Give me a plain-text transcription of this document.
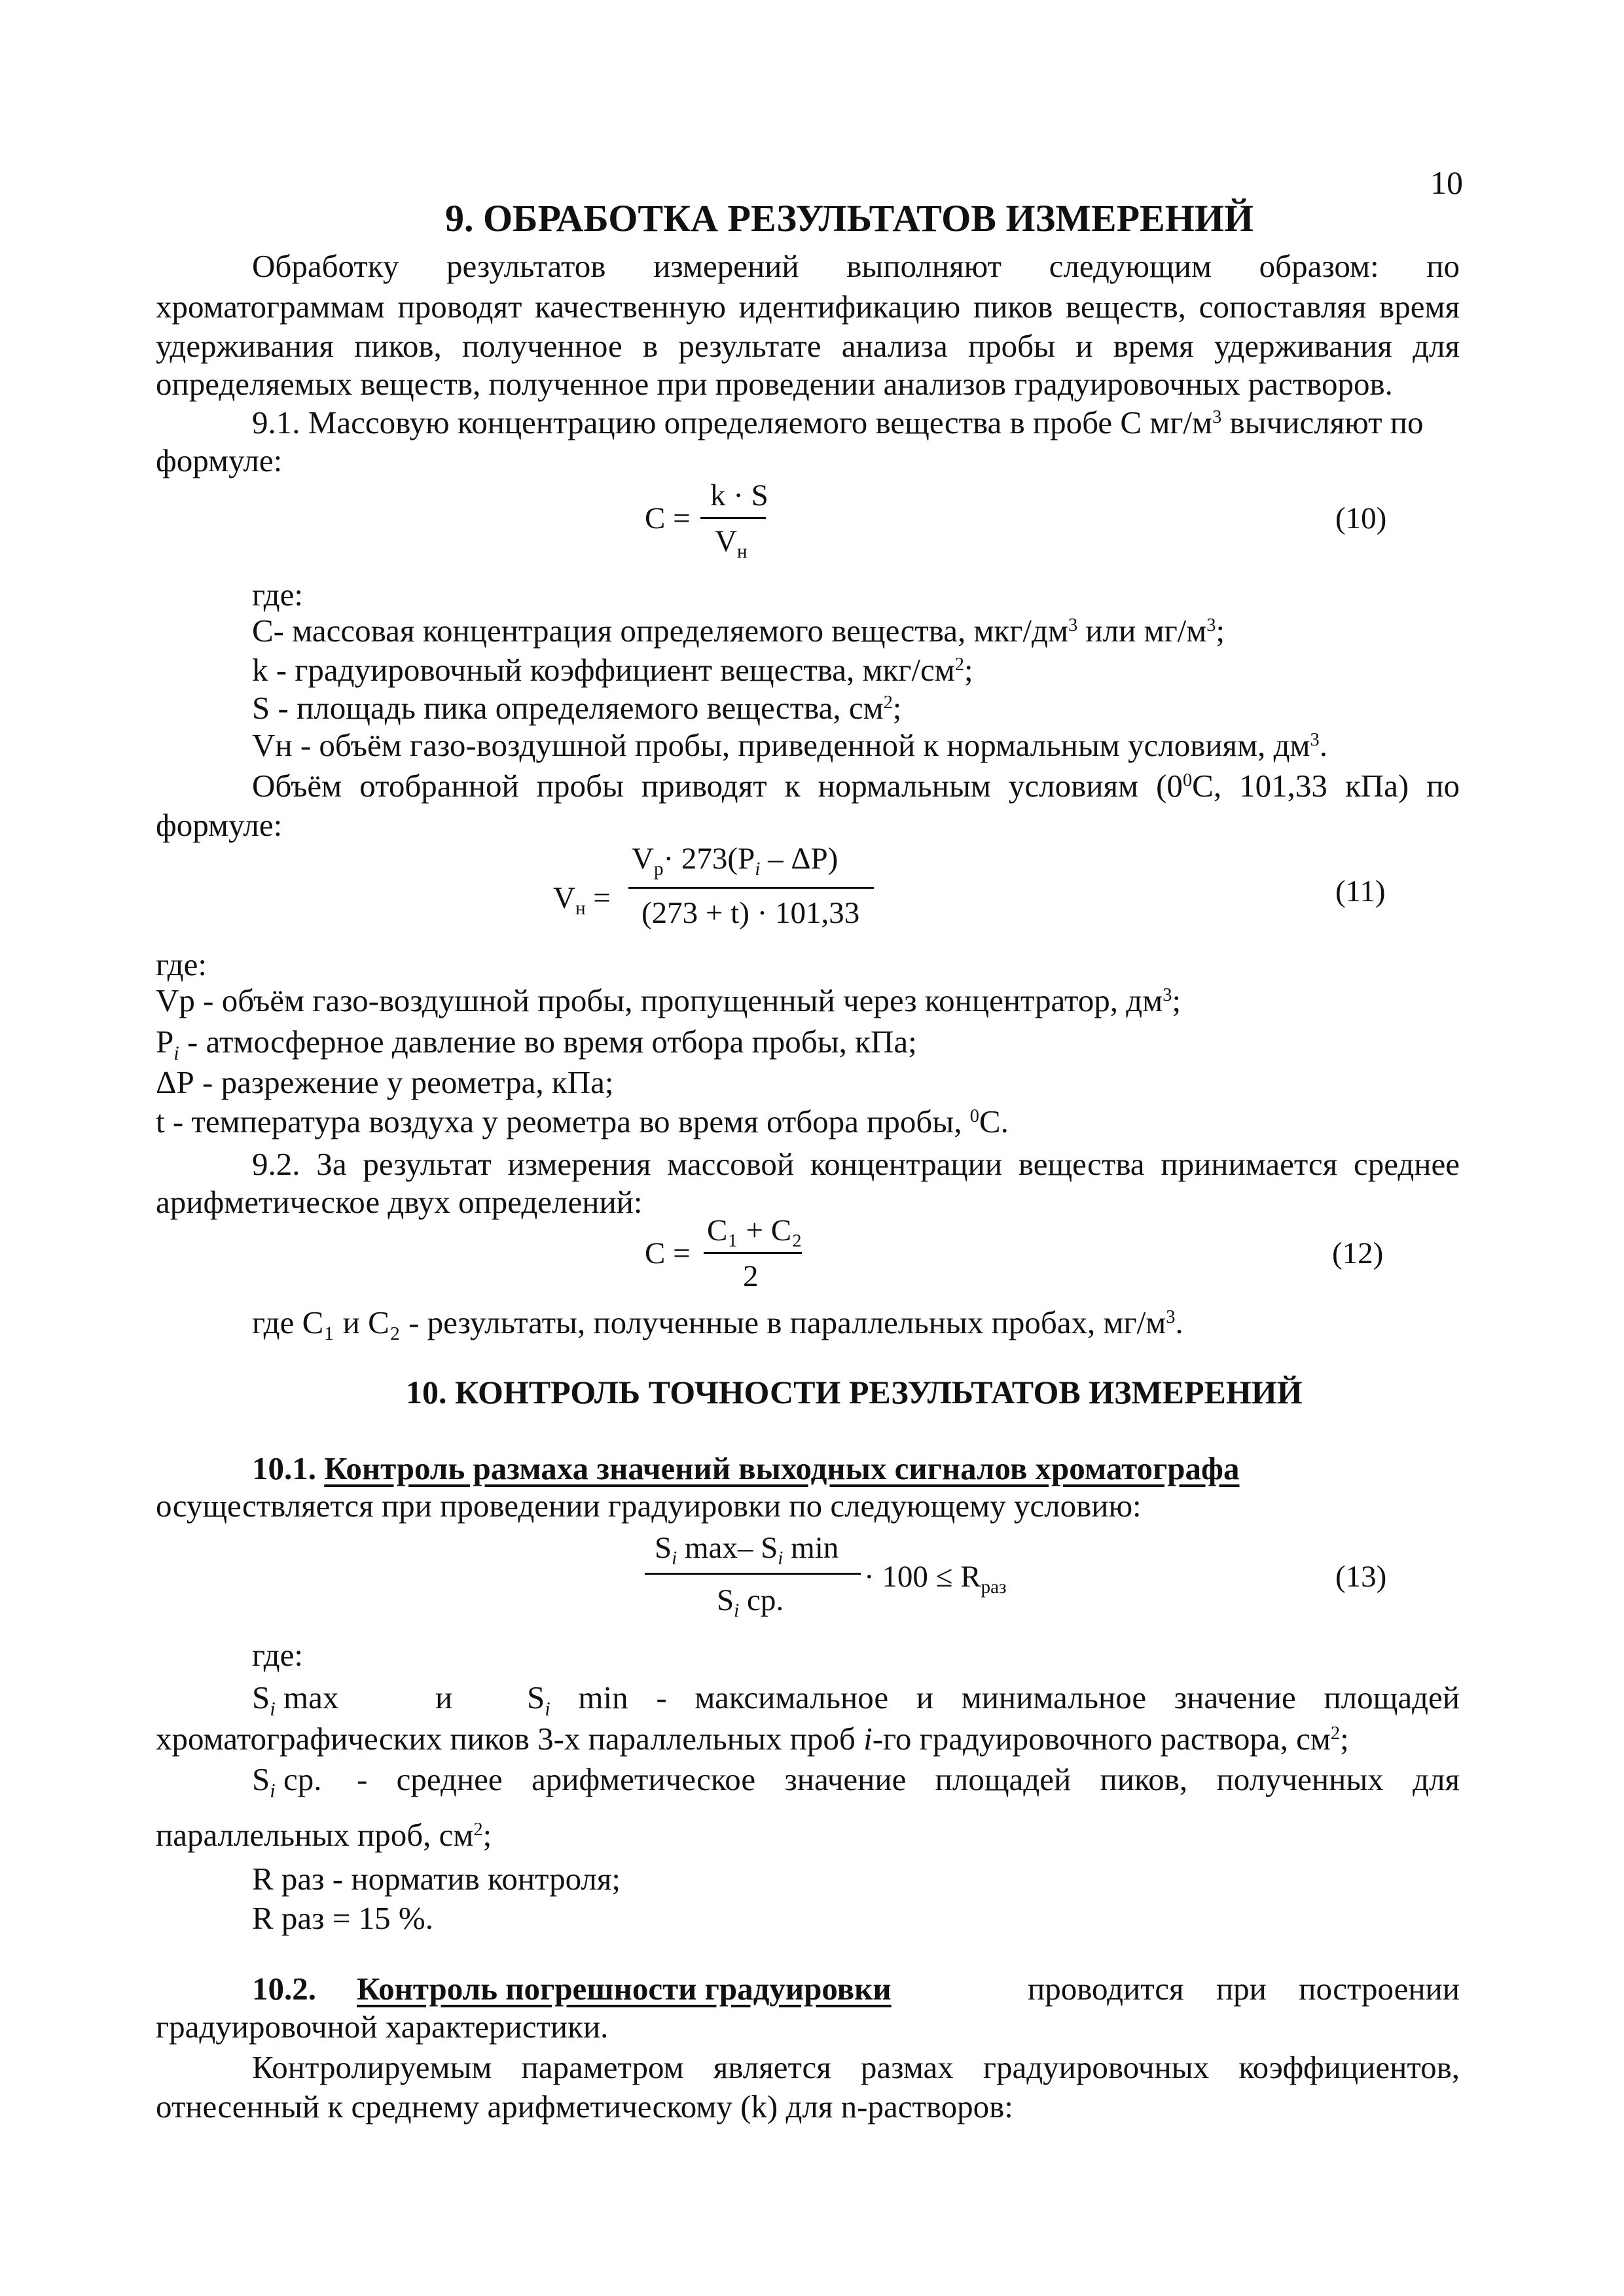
10
9. ОБРАБОТКА РЕЗУЛЬТАТОВ ИЗМЕРЕНИЙ
Обработку результатов измерений выполняют следующим образом: по
хроматограммам проводят качественную идентификацию пиков веществ, сопоставляя время
удерживания пиков, полученное в результате анализа пробы и время удерживания для
определяемых веществ, полученное при проведении анализов градуировочных растворов.
9.1. Массовую концентрацию определяемого вещества в пробе С $мг/м^3$ вычисляют по
формуле:
C =
k · S
$V_н$
(10)
где:
С- массовая концентрация определяемого вещества, мкг/$дм^3$ или $мг/м^3$;
k - градуировочный коэффициент вещества, мкг/$см^2$;
S - площадь пика определяемого вещества, $см^2$;
Vн - объём газо-воздушной пробы, приведенной к нормальным условиям, $дм^3$.
Объём отобранной пробы приводят к нормальным условиям ($0^0С$, 101,33 кПа) по
формуле:
$V_н$ =
$V_p\cdot 273(P_i - \Delta P)$
(273 + t) · 101,33
(11)
где:
Vp - объём газо-воздушной пробы, пропущенный через концентратор, $дм^3$;
$P_i$ - атмосферное давление во время отбора пробы, кПа;
ΔР - разрежение у реометра, кПа;
t - температура воздуха у реометра во время отбора пробы, $^0$С.
9.2. За результат измерения массовой концентрации вещества принимается среднее
арифметическое двух определений:
C =
C₁ + C₂
2
(12)
где С₁ и С₂ - результаты, полученные в параллельных пробах, $мг/м^3$.
10. КОНТРОЛЬ ТОЧНОСТИ РЕЗУЛЬТАТОВ ИЗМЕРЕНИЙ
10.1. Контроль размаха значений выходных сигналов хроматографа
осуществляется при проведении градуировки по следующему условию:
$S_i$ max– $S_i$ min
$S_i$ ср.
· $100 \le R_{раз}$	(13)
где:
$S_i$ max	и $S_i$ min - максимальное и минимальное значение площадей
хроматографических пиков 3-х параллельных проб i-го градуировочного раствора, $см^2$;
$S_i$ ср. - среднее арифметическое значение площадей пиков, полученных для
параллельных проб, $см^2$;
R раз - норматив контроля;
R раз = 15 %.
10.2. Контроль погрешности градуировки	проводится при построении
градуировочной характеристики.
Контролируемым параметром является размах градуировочных коэффициентов,
отнесенный к среднему арифметическому (k) для n-растворов:
